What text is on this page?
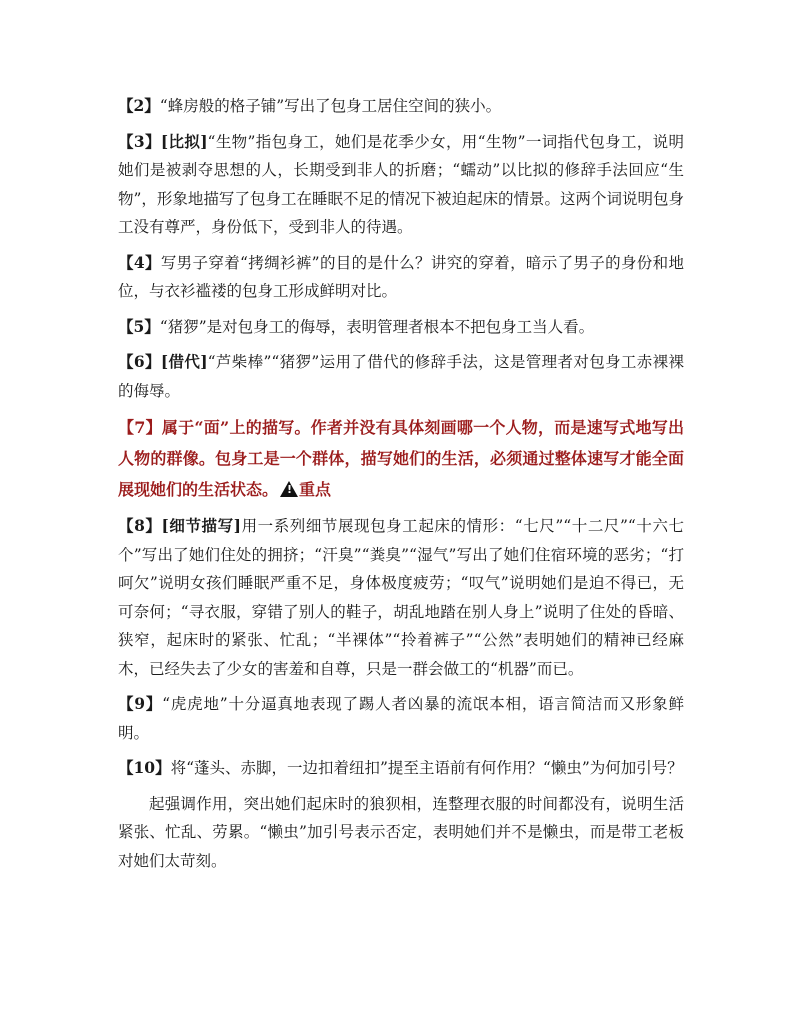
【2】“蜂房般的格子铺”写出了包身工居住空间的狭小。

【3】[比拟]“生物”指包身工，她们是花季少女，用“生物”一词指代包身工，说明她们是被剥夺思想的人，长期受到非人的折磨；“蠕动”以比拟的修辞手法回应“生物”，形象地描写了包身工在睡眠不足的情况下被迫起床的情景。这两个词说明包身工没有尊严，身份低下，受到非人的待遇。

【4】写男子穿着“拷绸衫裤”的目的是什么？讲究的穿着，暗示了男子的身份和地位，与衣衫褴褛的包身工形成鲜明对比。

【5】“猪猡”是对包身工的侮辱，表明管理者根本不把包身工当人看。

【6】[借代]“芦柴棒”“猪猡”运用了借代的修辞手法，这是管理者对包身工赤裸裸的侮辱。

【7】属于“面”上的描写。作者并没有具体刻画哪一个人物，而是速写式地写出人物的群像。包身工是一个群体，描写她们的生活，必须通过整体速写才能全面展现她们的生活状态。! 重点

【8】[细节描写]用一系列细节展现包身工起床的情形：“七尺”“十二尺”“十六七个”写出了她们住处的拥挤；“汗臭”“粪臭”“湿气”写出了她们住宿环境的恶劣；“打呵欠”说明女孩们睡眠严重不足，身体极度疲劳；“叹气”说明她们是迫不得已，无可奈何；“寻衣服，穿错了别人的鞋子，胡乱地踏在别人身上”说明了住处的昏暗、狭窄，起床时的紧张、忙乱；“半裸体”“拎着裤子”“公然”表明她们的精神已经麻木，已经失去了少女的害羞和自尊，只是一群会做工的“机器”而已。

【9】“虎虎地”十分逼真地表现了踢人者凶暴的流氓本相，语言简洁而又形象鲜明。

【10】将“蓬头、赤脚，一边扣着纽扣”提至主语前有何作用？“懒虫”为何加引号？

起强调作用，突出她们起床时的狼狈相，连整理衣服的时间都没有，说明生活紧张、忙乱、劳累。“懒虫”加引号表示否定，表明她们并不是懒虫，而是带工老板对她们太苛刻。
